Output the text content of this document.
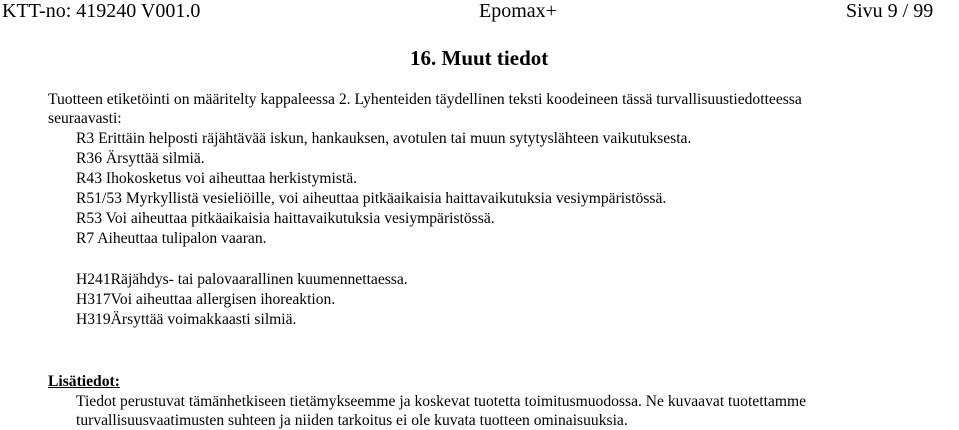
KTT-no: 419240 V001.0	Epomax+	Sivu 9 / 99
16. Muut tiedot
Tuotteen etiketöinti on määritelty kappaleessa 2. Lyhenteiden täydellinen teksti koodeineen tässä turvallisuustiedotteessa
seuraavasti:
R3 Erittäin helposti räjähtävää iskun, hankauksen, avotulen tai muun sytytyslähteen vaikutuksesta.
R36 Ärsyttää silmiä.
R43 Ihokosketus voi aiheuttaa herkistymistä.
R51/53 Myrkyllistä vesieliöille, voi aiheuttaa pitkäaikaisia haittavaikutuksia vesiympäristössä.
R53 Voi aiheuttaa pitkäaikaisia haittavaikutuksia vesiympäristössä.
R7 Aiheuttaa tulipalon vaaran.
H241Räjähdys- tai palovaarallinen kuumennettaessa.
H317Voi aiheuttaa allergisen ihoreaktion.
H319Ärsyttää voimakkaasti silmiä.
Lisätiedot:
Tiedot perustuvat tämänhetkiseen tietämykseemme ja koskevat tuotetta toimitusmuodossa. Ne kuvaavat tuotettamme
turvallisuusvaatimusten suhteen ja niiden tarkoitus ei ole kuvata tuotteen ominaisuuksia.
